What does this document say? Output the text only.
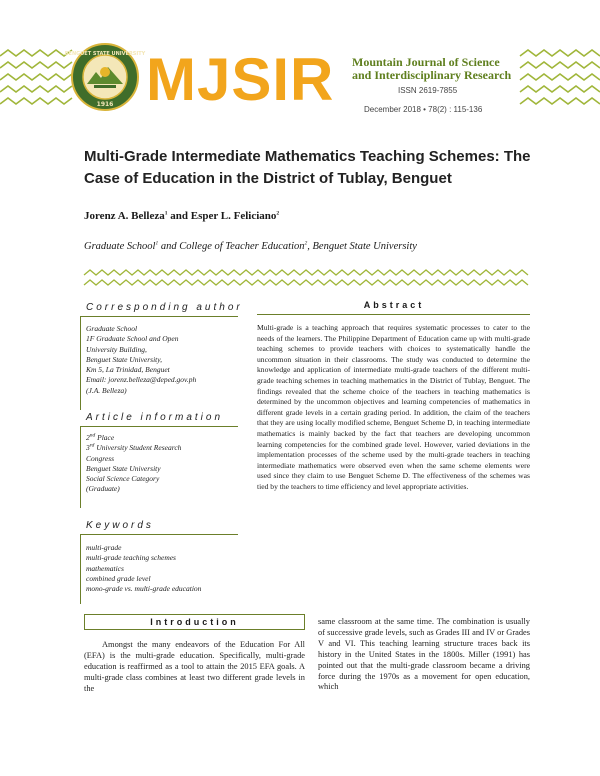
BENGUET STATE UNIVERSITY
1916 MJSIR Mountain Journal of Science
and Interdisciplinary Research
ISSN 2619-7855
December 2018 • 78(2) : 115-136
Multi-Grade Intermediate Mathematics Teaching Schemes: The
Case of Education in the District of Tublay, Benguet
Jorenz A. Belleza$^1$ and Esper L. Feliciano$^2$
Graduate School$^1$ and College of Teacher Education$^2$, Benguet State University
Corresponding author
Graduate School
1F Graduate School and Open
University Building,
Benguet State University,
Km 5, La Trinidad, Benguet
Email: jorenz.belleza@deped.gov.ph
(J.A. Belleza)
Article information
2nd Place
3rd University Student Research
Congress
Benguet State University
Social Science Category
(Graduate)
Keywords
multi-grade
multi-grade teaching schemes
mathematics
combined grade level
mono-grade vs. multi-grade education
Abstract
Multi-grade is a teaching approach that requires systematic processes to cater to the needs of the learners. The Philippine Department of Education came up with multi-grade teaching schemes to provide teachers with choices to systematically handle the uncommon situation in their classrooms. The study was conducted to determine the knowledge and application of intermediate multi-grade teachers of the different multi-grade teaching schemes in teaching mathematics in the District of Tublay, Benguet. The findings revealed that the scheme choice of the teachers in teaching mathematics is determined by the uncommon objectives and learning competencies of mathematics in different grade levels in a certain grading period. In addition, the claim of the teachers that they are using locally modified scheme, Benguet Scheme D, in teaching intermediate mathematics is mainly backed by the fact that teachers are developing uncommon learning competencies for the combined grade level. However, varied deviations in the implementation processes of the scheme used by the multi-grade teachers in teaching intermediate mathematics were observed even when the same scheme elements were used since they claim to use Benguet Scheme D. The effectiveness of the schemes was tied by the teachers to time efficiency and level appropriate activities.
Introduction
Amongst the many endeavors of the Education For All (EFA) is the multi-grade education. Specifically, multi-grade education is reaffirmed as a tool to attain the 2015 EFA goals. A multi-grade class combines at least two different grade levels in the
same classroom at the same time. The combination is usually of successive grade levels, such as Grades III and IV or Grades V and VI. This teaching learning structure traces back its history in the United States in the 1800s. Miller (1991) has pointed out that the multi-grade classroom became a driving force during the 1970s as a movement for open education, which
